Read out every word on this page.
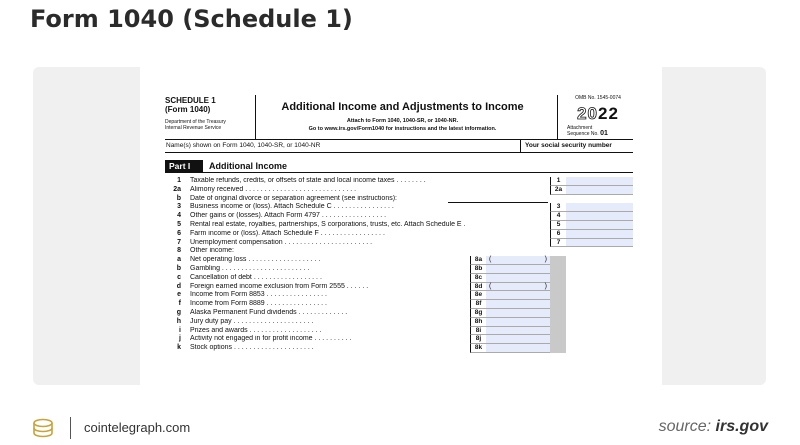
Form 1040 (Schedule 1)
SCHEDULE 1
(Form 1040)
Department of the Treasury
Internal Revenue Service
Additional Income and Adjustments to Income
Attach to Form 1040, 1040-SR, or 1040-NR.
Go to www.irs.gov/Form1040 for instructions and the latest information.
OMB No. 1545-0074
2022
Attachment
Sequence No. 01
Name(s) shown on Form 1040, 1040-SR, or 1040-NR	Your social security number
Part I	Additional Income
1 Taxable refunds, credits, or offsets of state and local income taxes . . . . . . . .	1
2a Alimony received . . . . . . . . . . . . . . . . . . . . . . . . . . . . .	2a
b Date of original divorce or separation agreement (see instructions):
3 Business income or (loss). Attach Schedule C . . . . . . . . . . . . . . . .	3
4 Other gains or (losses). Attach Form 4797 . . . . . . . . . . . . . . . . .	4
5 Rental real estate, royalties, partnerships, S corporations, trusts, etc. Attach Schedule E .	5
6 Farm income or (loss). Attach Schedule F . . . . . . . . . . . . . . . . .	6
7 Unemployment compensation . . . . . . . . . . . . . . . . . . . . . . .	7
8 Other income:
a Net operating loss . . . . . . . . . . . . . . . . . . .	8a (	)
b Gambling . . . . . . . . . . . . . . . . . . . . . . .	8b
c Cancellation of debt . . . . . . . . . . . . . . . . . .	8c
d Foreign earned income exclusion from Form 2555 . . . . . .	8d (	)
e Income from Form 8853 . . . . . . . . . . . . . . . .	8e
f Income from Form 8889 . . . . . . . . . . . . . . . .	8f
g Alaska Permanent Fund dividends . . . . . . . . . . . . .	8g
h Jury duty pay . . . . . . . . . . . . . . . . . . . . .	8h
i Prizes and awards . . . . . . . . . . . . . . . . . . .	8i
j Activity not engaged in for profit income . . . . . . . . . .	8j
k Stock options . . . . . . . . . . . . . . . . . . . . .	8k
cointelegraph.com	source: irs.gov
